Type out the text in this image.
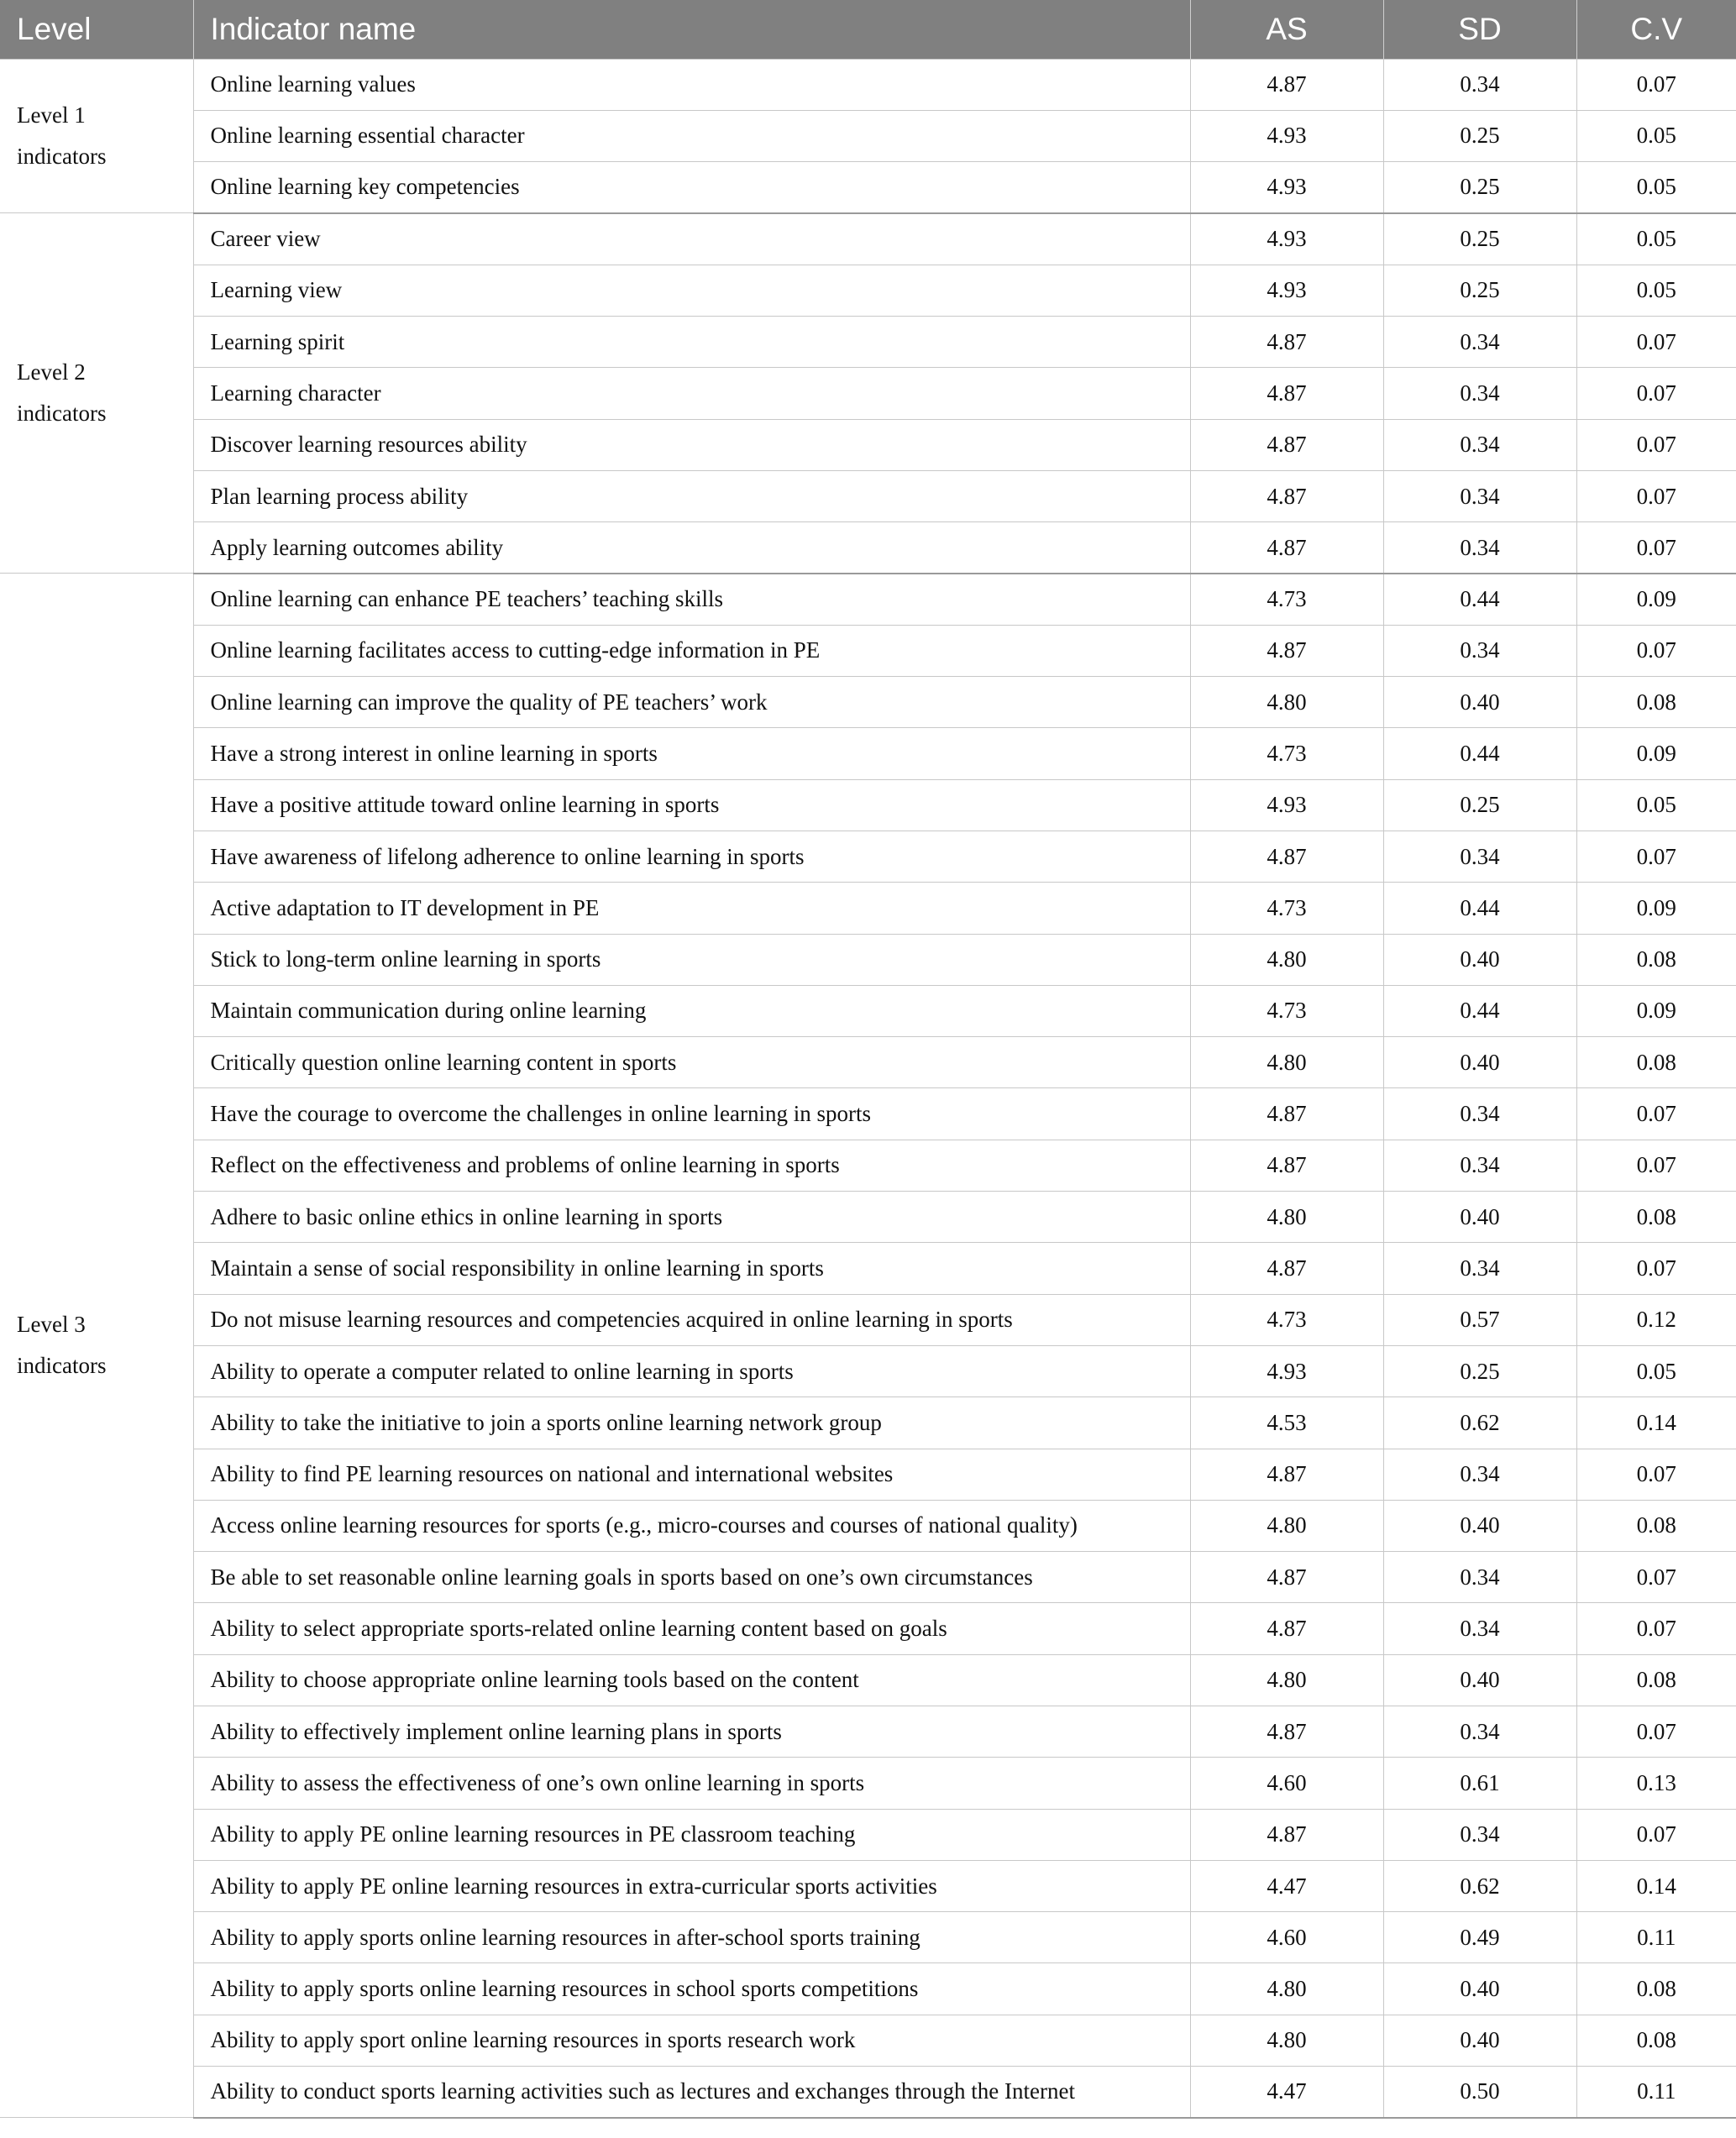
Level	Indicator name	AS	SD	C.V
Level 1 indicators	Online learning values	4.87	0.34	0.07
	Online learning essential character	4.93	0.25	0.05
	Online learning key competencies	4.93	0.25	0.05
Level 2 indicators	Career view	4.93	0.25	0.05
	Learning view	4.93	0.25	0.05
	Learning spirit	4.87	0.34	0.07
	Learning character	4.87	0.34	0.07
	Discover learning resources ability	4.87	0.34	0.07
	Plan learning process ability	4.87	0.34	0.07
	Apply learning outcomes ability	4.87	0.34	0.07
Level 3 indicators	Online learning can enhance PE teachers’ teaching skills	4.73	0.44	0.09
	Online learning facilitates access to cutting-edge information in PE	4.87	0.34	0.07
	Online learning can improve the quality of PE teachers’ work	4.80	0.40	0.08
	Have a strong interest in online learning in sports	4.73	0.44	0.09
	Have a positive attitude toward online learning in sports	4.93	0.25	0.05
	Have awareness of lifelong adherence to online learning in sports	4.87	0.34	0.07
	Active adaptation to IT development in PE	4.73	0.44	0.09
	Stick to long-term online learning in sports	4.80	0.40	0.08
	Maintain communication during online learning	4.73	0.44	0.09
	Critically question online learning content in sports	4.80	0.40	0.08
	Have the courage to overcome the challenges in online learning in sports	4.87	0.34	0.07
	Reflect on the effectiveness and problems of online learning in sports	4.87	0.34	0.07
	Adhere to basic online ethics in online learning in sports	4.80	0.40	0.08
	Maintain a sense of social responsibility in online learning in sports	4.87	0.34	0.07
	Do not misuse learning resources and competencies acquired in online learning in sports	4.73	0.57	0.12
	Ability to operate a computer related to online learning in sports	4.93	0.25	0.05
	Ability to take the initiative to join a sports online learning network group	4.53	0.62	0.14
	Ability to find PE learning resources on national and international websites	4.87	0.34	0.07
	Access online learning resources for sports (e.g., micro-courses and courses of national quality)	4.80	0.40	0.08
	Be able to set reasonable online learning goals in sports based on one’s own circumstances	4.87	0.34	0.07
	Ability to select appropriate sports-related online learning content based on goals	4.87	0.34	0.07
	Ability to choose appropriate online learning tools based on the content	4.80	0.40	0.08
	Ability to effectively implement online learning plans in sports	4.87	0.34	0.07
	Ability to assess the effectiveness of one’s own online learning in sports	4.60	0.61	0.13
	Ability to apply PE online learning resources in PE classroom teaching	4.87	0.34	0.07
	Ability to apply PE online learning resources in extra-curricular sports activities	4.47	0.62	0.14
	Ability to apply sports online learning resources in after-school sports training	4.60	0.49	0.11
	Ability to apply sports online learning resources in school sports competitions	4.80	0.40	0.08
	Ability to apply sport online learning resources in sports research work	4.80	0.40	0.08
	Ability to conduct sports learning activities such as lectures and exchanges through the Internet	4.47	0.50	0.11
